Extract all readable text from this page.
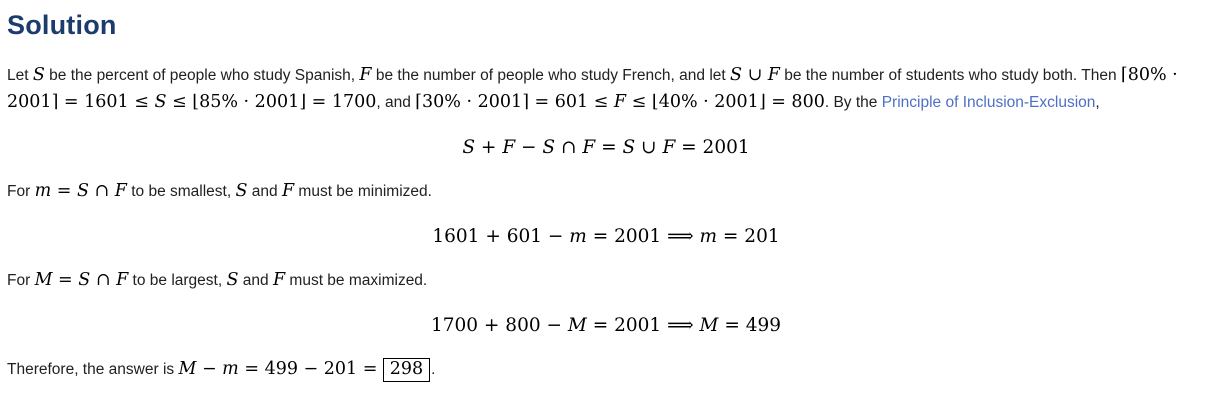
Solution

Let S be the percent of people who study Spanish, F be the number of people who study French, and let S ∪ F be the number of students who study both. Then ⌈80% · 2001⌉ = 1601 ≤ S ≤ ⌊85% · 2001⌋ = 1700, and ⌈30% · 2001⌉ = 601 ≤ F ≤ ⌊40% · 2001⌋ = 800. By the Principle of Inclusion-Exclusion,

S + F − S ∩ F = S ∪ F = 2001

For m = S ∩ F to be smallest, S and F must be minimized.

1601 + 601 − m = 2001 ⟹ m = 201

For M = S ∩ F to be largest, S and F must be maximized.

1700 + 800 − M = 2001 ⟹ M = 499

Therefore, the answer is M − m = 499 − 201 = 298 .
